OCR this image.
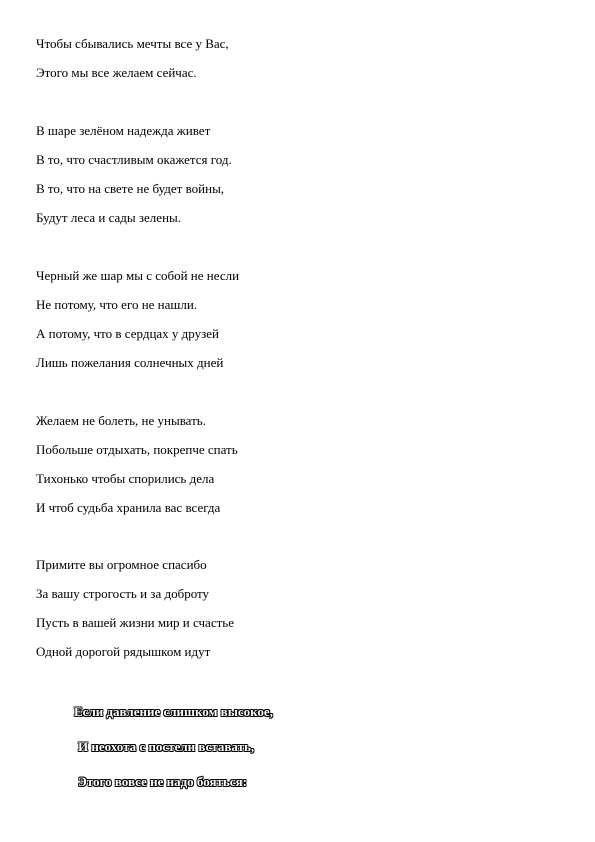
Чтобы сбывались мечты все у Вас,
Этого мы все желаем сейчас.
В шаре зелёном надежда живет
В то, что счастливым окажется год.
В то, что на свете не будет войны,
Будут леса и сады зелены.
Черный же шар мы с собой не несли
Не потому, что его не нашли.
А потому, что в сердцах у друзей
Лишь пожелания солнечных дней
Желаем не болеть, не унывать.
Побольше отдыхать, покрепче спать
Тихонько чтобы спорились дела
И чтоб судьба хранила вас всегда
Примите вы огромное спасибо
За вашу строгость и за доброту
Пусть в вашей жизни мир и счастье
Одной дорогой рядышком идут
Если давление слишком высокое,
И неохота с постели вставать,
Этого вовсе не надо бояться:
